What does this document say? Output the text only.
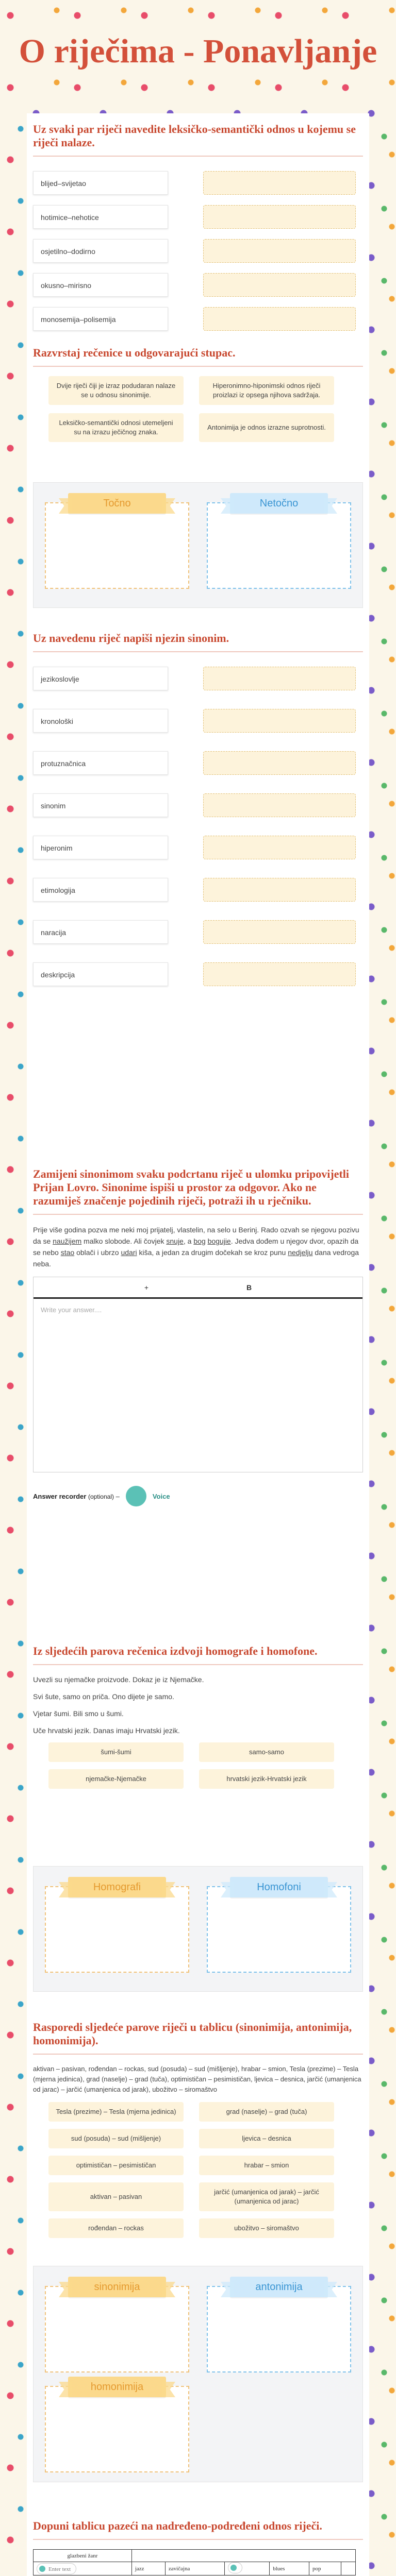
O riječima - Ponavljanje
Uz svaki par riječi navedite leksičko-semantički odnos u kojemu se riječi nalaze.
blijed–svijetao
hotimice–nehotice
osjetilno–dodirno
okusno–mirisno
monosemija–polisemija
Razvrstaj rečenice u odgovarajući stupac.
Dvije riječi čiji je izraz podudaran nalaze se u odnosu sinonimije.
Hiperonimno-hiponimski odnos riječi proizlazi iz opsega njihova sadržaja.
Leksičko-semantički odnosi utemeljeni su na izrazu ječičnog znaka.
Antonimija je odnos izrazne suprotnosti.
Točno	Netočno
Uz navedenu riječ napiši njezin sinonim.
jezikoslovlje
kronološki
protuznačnica
sinonim
hiperonim
etimologija
naracija
deskripcija
Zamijeni sinonimom svaku podcrtanu riječ u ulomku pripovijetli Prijan Lovro. Sinonime ispiši u prostor za odgovor. Ako ne razumiješ značenje pojedinih riječi, potraži ih u rječniku.

Prije više godina pozva me neki moj prijatelj, vlastelin, na selo u Berinj. Rado ozvah se njegovu pozivu da se naužijem malko slobode. Ali čovjek snuje, a bog bogujie. Jedva dođem u njegov dvor, opazih da se nebo stao oblači i ubrzo udari kiša, a jedan za drugim dočekah se kroz punu nedjelju dana vedroga neba.

+	B
Write your answer....
Answer recorder (optional) –	Voice
Iz sljedećih parova rečenica izdvoji homografe i homofone.

Uvezli su njemačke proizvode. Dokaz je iz Njemačke.

Svi šute, samo on priča. Ono dijete je samo.

Vjetar šumi. Bili smo u šumi.

Uče hrvatski jezik. Danas imaju Hrvatski jezik.

šumi-šumi	samo-samo
njemačke-Njemačke	hrvatski jezik-Hrvatski jezik
Homografi	Homofoni
Rasporedi sljedeće parove riječi u tablicu (sinonimija, antonimija, homonimija).

aktivan – pasivan, rođendan – rockas, sud (posuda) – sud (mišljenje), hrabar – smion, Tesla (prezime) – Tesla (mjerna jedinica), grad (naselje) – grad (tuča), optimističan – pesimističan, ljevica – desnica, jarčić (umanjenica od jarac) – jarčić (umanjenica od jarak), ubožitvo – siromaštvo

Tesla (prezime) – Tesla (mjerna jedinica)	grad (naselje) – grad (tuča)
sud (posuda) – sud (mišljenje)	ljevica – desnica
optimističan – pesimističan	hrabar – smion
aktivan – pasivan
jarčić (umanjenica od jarak) – jarčić (umanjenica od jarac)
rođendan – rockas	ubožitvo – siromaštvo
sinonimija	antonimija
homonimija
Dopuni tablicu pazeći na nadređeno-podređeni odnos riječi.
glazbeni žanr						

Enter text	jazz	zavičajna		blues	pop	
